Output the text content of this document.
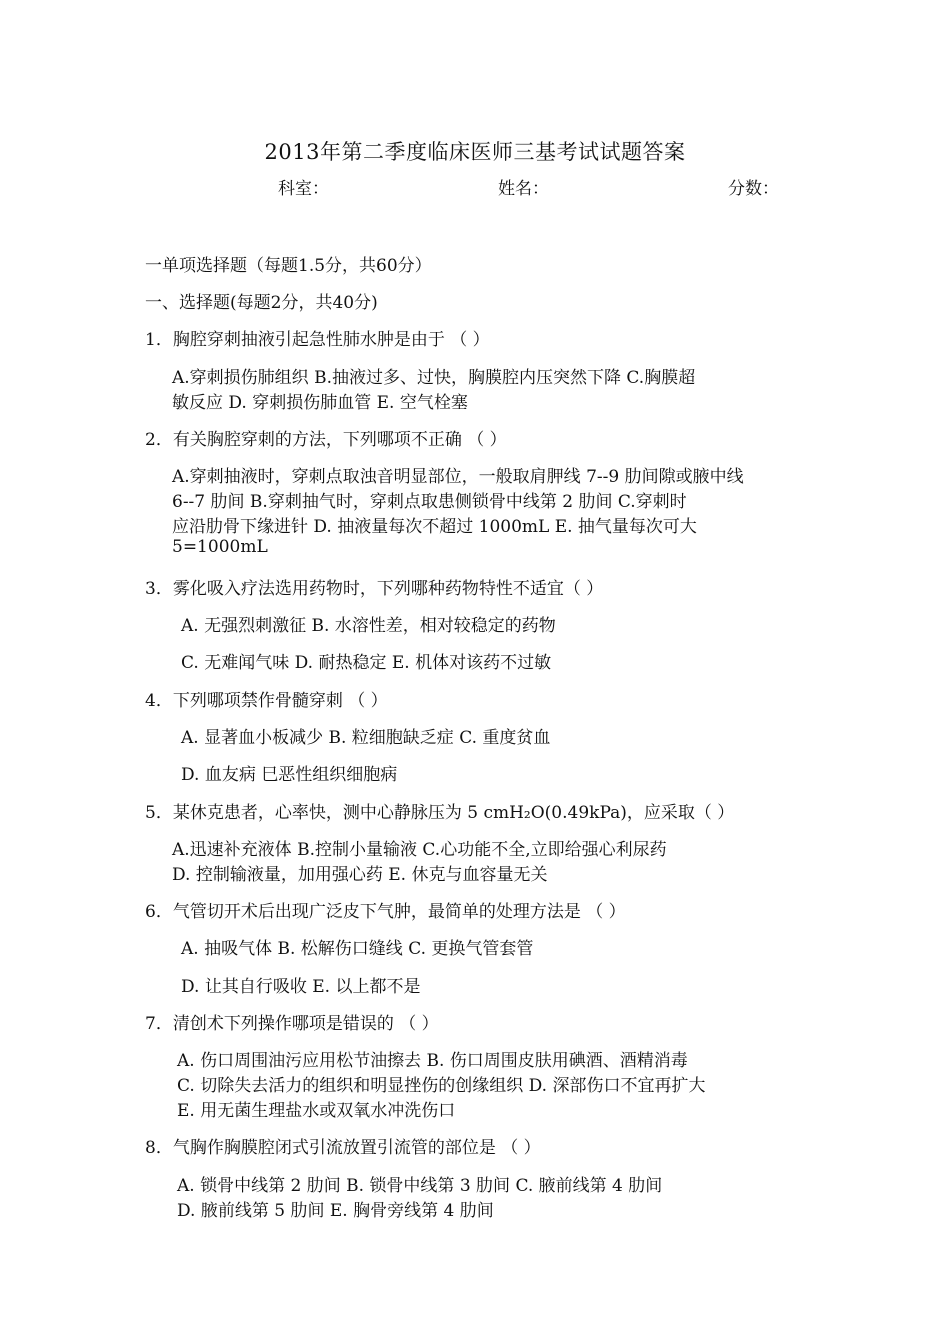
2013年第二季度临床医师三基考试试题答案
科室：	姓名：	分数：
一单项选择题（每题1.5分，共60分）
一、选择题(每题2分，共40分)
1．胸腔穿刺抽液引起急性肺水肿是由于 （ ）
A.穿刺损伤肺组织 B.抽液过多、过快，胸膜腔内压突然下降 C.胸膜超
敏反应 D. 穿刺损伤肺血管 E. 空气栓塞
2．有关胸腔穿刺的方法，下列哪项不正确 （ ）
A.穿刺抽液时，穿刺点取浊音明显部位，一般取肩胛线 7--9 肋间隙或腋中线
6--7 肋间 B.穿刺抽气时，穿刺点取患侧锁骨中线第 2 肋间 C.穿刺时
应沿肋骨下缘进针 D. 抽液量每次不超过 1000mL E. 抽气量每次可大
5=1000mL
3．雾化吸入疗法选用药物时，下列哪种药物特性不适宜（ ）
A. 无强烈刺激征 B. 水溶性差，相对较稳定的药物
C. 无难闻气味 D. 耐热稳定 E. 机体对该药不过敏
4．下列哪项禁作骨髓穿刺 （ ）
A. 显著血小板减少 B. 粒细胞缺乏症 C. 重度贫血
D. 血友病 巳恶性组织细胞病
5．某休克患者，心率快，测中心静脉压为 5 cmH₂O(0.49kPa)，应采取（ ）
A.迅速补充液体 B.控制小量输液 C.心功能不全,立即给强心利尿药
D. 控制输液量，加用强心药 E. 休克与血容量无关
6．气管切开术后出现广泛皮下气肿，最简单的处理方法是 （ ）
A. 抽吸气体 B. 松解伤口缝线 C. 更换气管套管
D. 让其自行吸收 E. 以上都不是
7．清创术下列操作哪项是错误的 （ ）
A. 伤口周围油污应用松节油擦去 B. 伤口周围皮肤用碘酒、酒精消毒
C. 切除失去活力的组织和明显挫伤的创缘组织 D. 深部伤口不宜再扩大
E. 用无菌生理盐水或双氧水冲洗伤口
8．气胸作胸膜腔闭式引流放置引流管的部位是 （ ）
A. 锁骨中线第 2 肋间 B. 锁骨中线第 3 肋间 C. 腋前线第 4 肋间
D. 腋前线第 5 肋间 E. 胸骨旁线第 4 肋间
